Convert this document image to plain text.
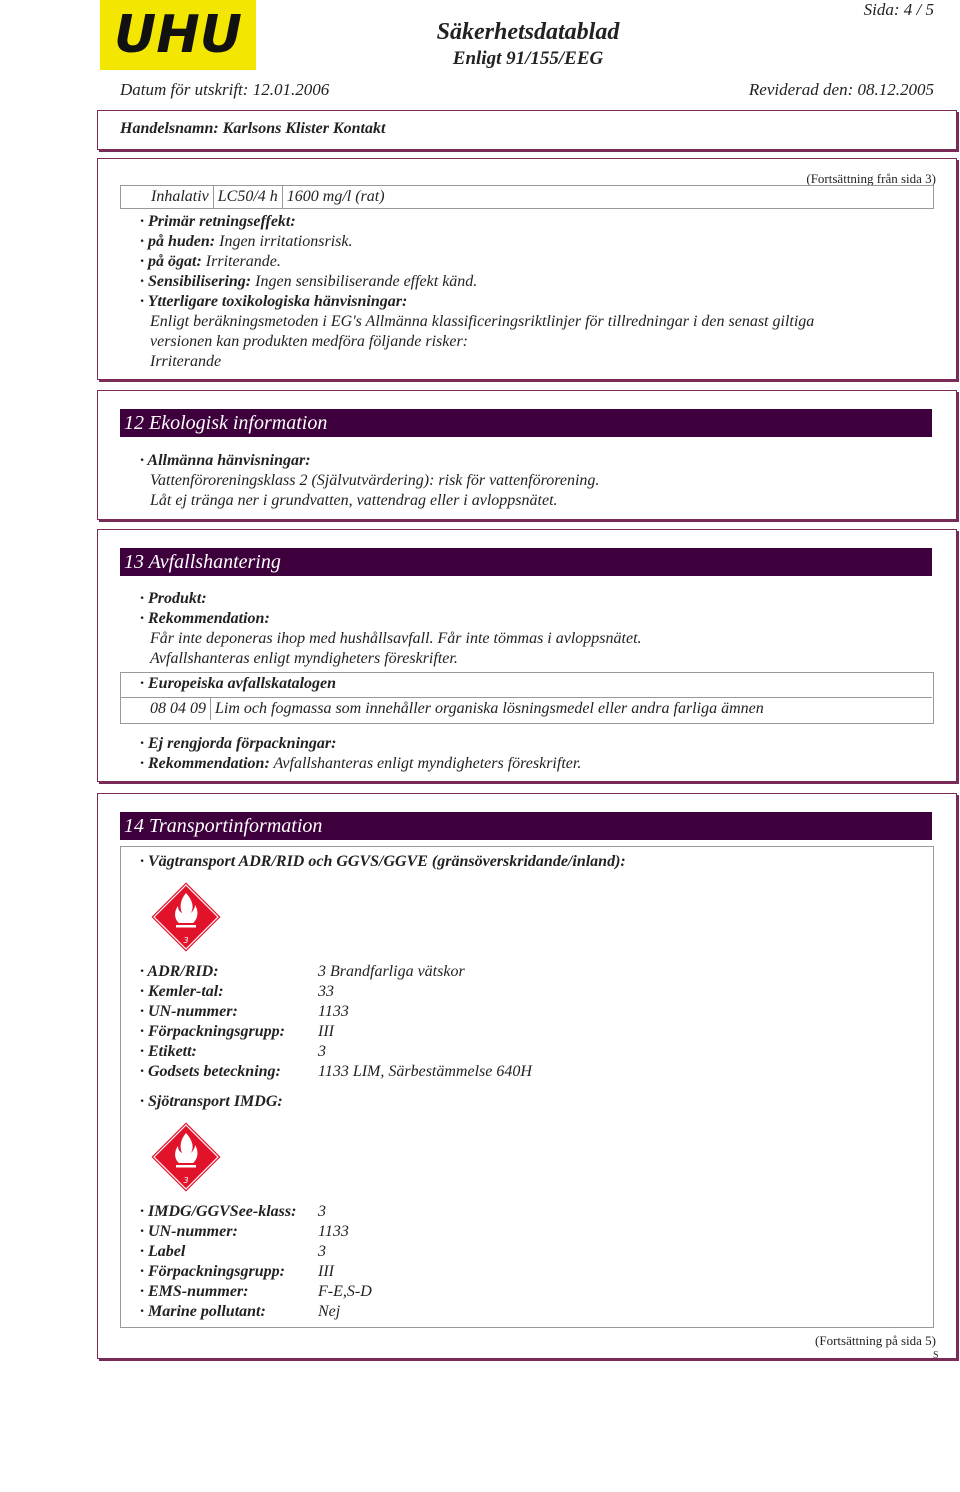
UHU	Säkerhetsdatablad
Enligt 91/155/EEG
Sida: 4 / 5
Datum för utskrift: 12.01.2006	Reviderad den: 08.12.2005
Handelsnamn: Karlsons Klister Kontakt
(Fortsättning från sida 3)
Inhalativ LC50/4 h 1600 mg/l (rat)
· Primär retningseffekt:
· på huden: Ingen irritationsrisk.
· på ögat: Irriterande.
· Sensibilisering: Ingen sensibiliserande effekt känd.
· Ytterligare toxikologiska hänvisningar:
Enligt beräkningsmetoden i EG's Allmänna klassificeringsriktlinjer för tillredningar i den senast giltiga
versionen kan produkten medföra följande risker:
Irriterande
12 Ekologisk information
· Allmänna hänvisningar:
Vattenföroreningsklass 2 (Självutvärdering): risk för vattenförorening.
Låt ej tränga ner i grundvatten, vattendrag eller i avloppsnätet.
13 Avfallshantering
· Produkt:
· Rekommendation:
Får inte deponeras ihop med hushållsavfall. Får inte tömmas i avloppsnätet.
Avfallshanteras enligt myndigheters föreskrifter.
· Europeiska avfallskatalogen
08 04 09 Lim och fogmassa som innehåller organiska lösningsmedel eller andra farliga ämnen
· Ej rengjorda förpackningar:
· Rekommendation: Avfallshanteras enligt myndigheters föreskrifter.
14 Transportinformation
· Vägtransport ADR/RID och GGVS/GGVE (gränsöverskridande/inland):
3
· ADR/RID:	3 Brandfarliga vätskor
· Kemler-tal:	33
· UN-nummer:	1133
· Förpackningsgrupp: III
· Etikett:	3
· Godsets beteckning: 1133 LIM, Särbestämmelse 640H
· Sjötransport IMDG:
3
· IMDG/GGVSee-klass: 3
· UN-nummer:	1133
· Label	3
· Förpackningsgrupp: III
· EMS-nummer:	F-E,S-D
· Marine pollutant:	Nej
(Fortsättning på sida 5)
S
